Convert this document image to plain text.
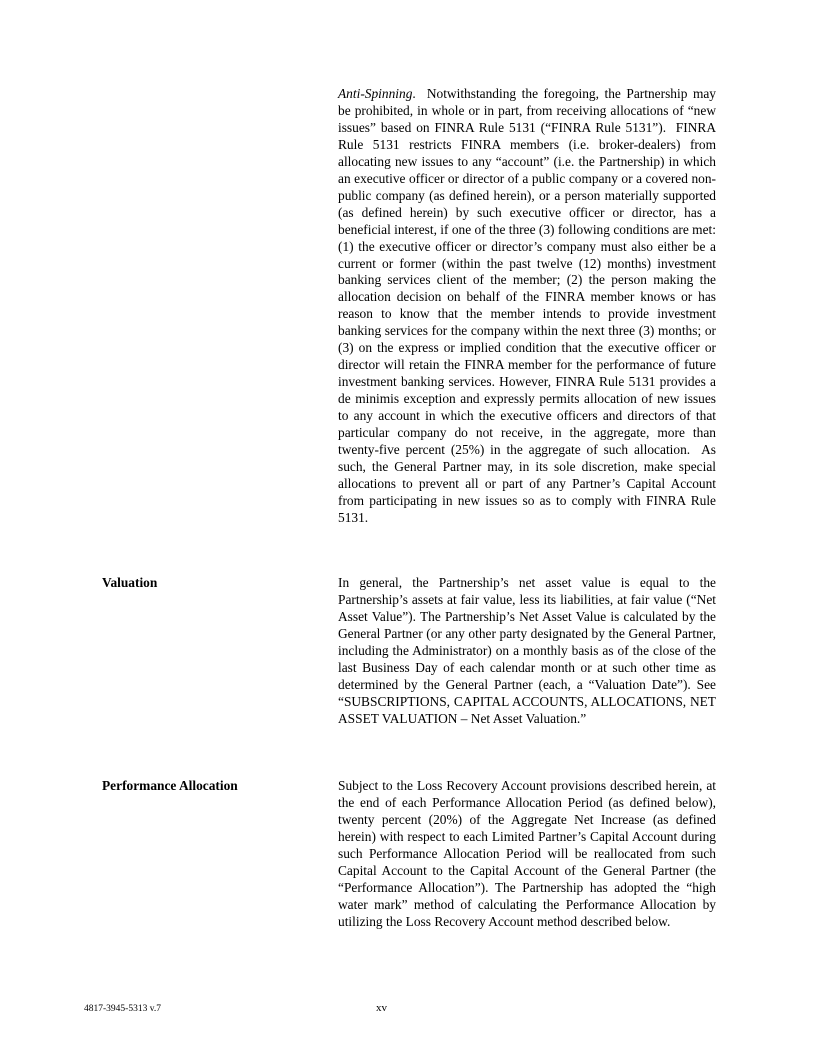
Anti-Spinning.  Notwithstanding the foregoing, the Partnership may be prohibited, in whole or in part, from receiving allocations of “new issues” based on FINRA Rule 5131 (“FINRA Rule 5131”).  FINRA Rule 5131 restricts FINRA members (i.e. broker-dealers) from allocating new issues to any “account” (i.e. the Partnership) in which an executive officer or director of a public company or a covered non-public company (as defined herein), or a person materially supported (as defined herein) by such executive officer or director, has a beneficial interest, if one of the three (3) following conditions are met:  (1) the executive officer or director’s company must also either be a current or former (within the past twelve (12) months) investment banking services client of the member; (2) the person making the allocation decision on behalf of the FINRA member knows or has reason to know that the member intends to provide investment banking services for the company within the next three (3) months; or (3) on the express or implied condition that the executive officer or director will retain the FINRA member for the performance of future investment banking services. However, FINRA Rule 5131 provides a de minimis exception and expressly permits allocation of new issues to any account in which the executive officers and directors of that particular company do not receive, in the aggregate, more than twenty-five percent (25%) in the aggregate of such allocation.  As such, the General Partner may, in its sole discretion, make special allocations to prevent all or part of any Partner’s Capital Account from participating in new issues so as to comply with FINRA Rule 5131.

Valuation	In general, the Partnership’s net asset value is equal to the Partnership’s assets at fair value, less its liabilities, at fair value (“Net Asset Value”). The Partnership’s Net Asset Value is calculated by the General Partner (or any other party designated by the General Partner, including the Administrator) on a monthly basis as of the close of the last Business Day of each calendar month or at such other time as determined by the General Partner (each, a “Valuation Date”). See “SUBSCRIPTIONS, CAPITAL ACCOUNTS, ALLOCATIONS, NET ASSET VALUATION – Net Asset Valuation.”

Performance Allocation	Subject to the Loss Recovery Account provisions described herein, at the end of each Performance Allocation Period (as defined below), twenty percent (20%) of the Aggregate Net Increase (as defined herein) with respect to each Limited Partner’s Capital Account during such Performance Allocation Period will be reallocated from such Capital Account to the Capital Account of the General Partner (the “Performance Allocation”). The Partnership has adopted the “high water mark” method of calculating the Performance Allocation by utilizing the Loss Recovery Account method described below.

4817-3945-5313 v.7	xv
